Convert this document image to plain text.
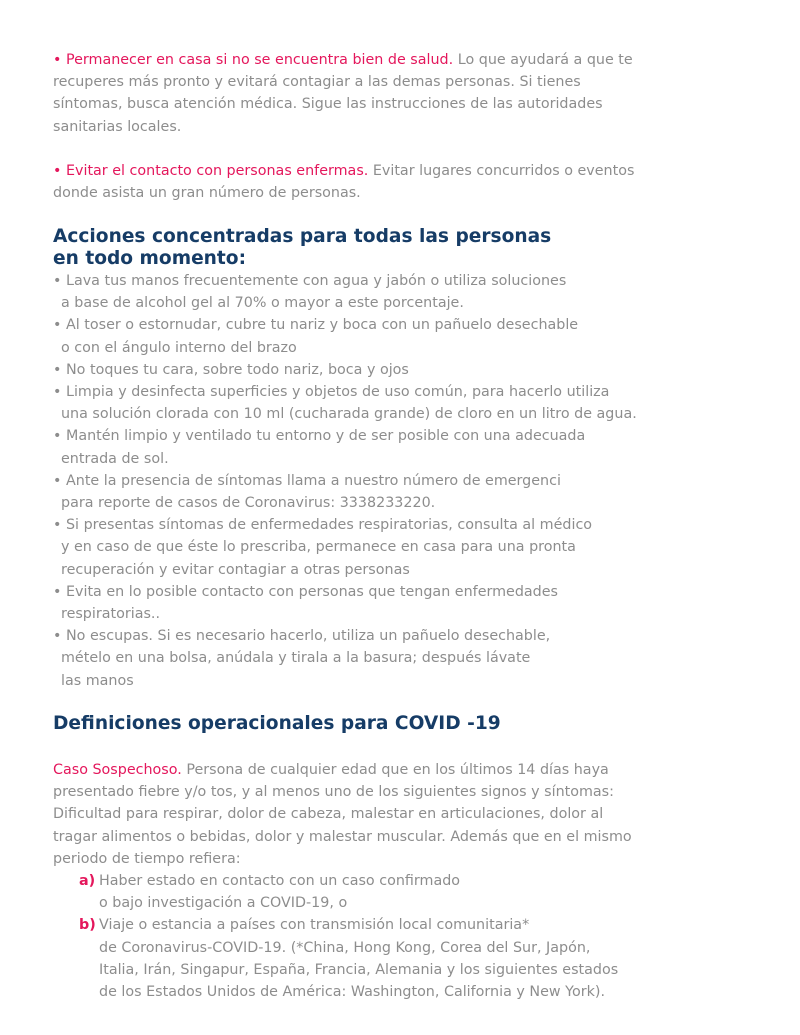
• Permanecer en casa si no se encuentra bien de salud. Lo que ayudará a que te
recuperes más pronto y evitará contagiar a las demas personas. Si tienes
síntomas, busca atención médica. Sigue las instrucciones de las autoridades
sanitarias locales.
• Evitar el contacto con personas enfermas. Evitar lugares concurridos o eventos
donde asista un gran número de personas.
Acciones concentradas para todas las personas
en todo momento:
• Lava tus manos frecuentemente con agua y jabón o utiliza soluciones
a base de alcohol gel al 70% o mayor a este porcentaje.
• Al toser o estornudar, cubre tu nariz y boca con un pañuelo desechable
o con el ángulo interno del brazo
• No toques tu cara, sobre todo nariz, boca y ojos
• Limpia y desinfecta superficies y objetos de uso común, para hacerlo utiliza
una solución clorada con 10 ml (cucharada grande) de cloro en un litro de agua.
• Mantén limpio y ventilado tu entorno y de ser posible con una adecuada
entrada de sol.
• Ante la presencia de síntomas llama a nuestro número de emergenci
para reporte de casos de Coronavirus: 3338233220.
• Si presentas síntomas de enfermedades respiratorias, consulta al médico
y en caso de que éste lo prescriba, permanece en casa para una pronta
recuperación y evitar contagiar a otras personas
• Evita en lo posible contacto con personas que tengan enfermedades
respiratorias..
• No escupas. Si es necesario hacerlo, utiliza un pañuelo desechable,
mételo en una bolsa, anúdala y tirala a la basura; después lávate
las manos
Definiciones operacionales para COVID -19
Caso Sospechoso. Persona de cualquier edad que en los últimos 14 días haya
presentado fiebre y/o tos, y al menos uno de los siguientes signos y síntomas:
Dificultad para respirar, dolor de cabeza, malestar en articulaciones, dolor al
tragar alimentos o bebidas, dolor y malestar muscular. Además que en el mismo
periodo de tiempo refiera:
a) Haber estado en contacto con un caso confirmado
o bajo investigación a COVID-19, o
b) Viaje o estancia a países con transmisión local comunitaria*
de Coronavirus-COVID-19. (*China, Hong Kong, Corea del Sur, Japón,
Italia, Irán, Singapur, España, Francia, Alemania y los siguientes estados
de los Estados Unidos de América: Washington, California y New York).
